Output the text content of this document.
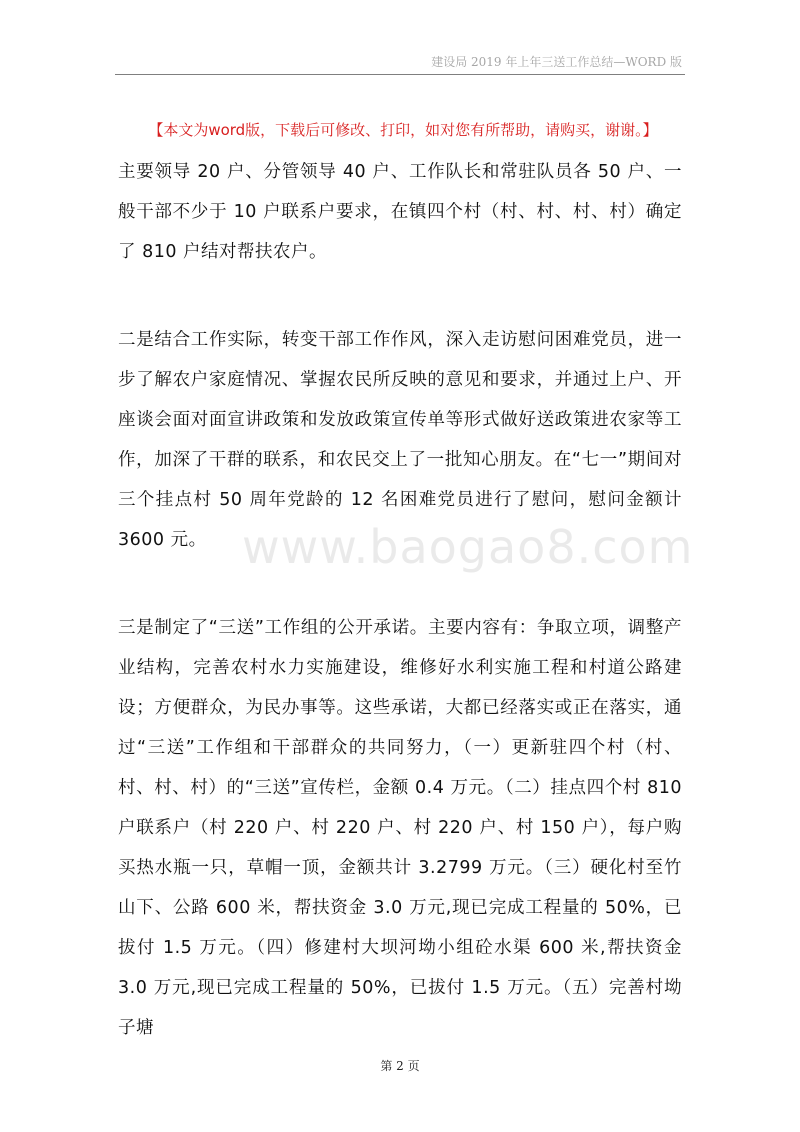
建设局 2019 年上年三送工作总结—WORD 版
【本文为word版，下载后可修改、打印，如对您有所帮助，请购买，谢谢。】

主要领导 20 户、分管领导 40 户、工作队长和常驻队员各 50 户、一般干部不少于 10 户联系户要求，在镇四个村（村、村、村、村）确定了 810 户结对帮扶农户。

二是结合工作实际，转变干部工作作风，深入走访慰问困难党员，进一步了解农户家庭情况、掌握农民所反映的意见和要求，并通过上户、开座谈会面对面宣讲政策和发放政策宣传单等形式做好送政策进农家等工作，加深了干群的联系，和农民交上了一批知心朋友。在“七一”期间对三个挂点村 50 周年党龄的 12 名困难党员进行了慰问，慰问金额计 3600 元。

三是制定了“三送”工作组的公开承诺。主要内容有：争取立项，调整产业结构，完善农村水力实施建设，维修好水利实施工程和村道公路建设；方便群众，为民办事等。这些承诺，大都已经落实或正在落实，通过“三送”工作组和干部群众的共同努力，（一）更新驻四个村（村、村、村、村）的“三送”宣传栏，金额 0.4 万元。（二）挂点四个村 810 户联系户（村 220 户、村 220 户、村 220 户、村 150 户），每户购买热水瓶一只，草帽一顶，金额共计 3.2799 万元。（三）硬化村至竹山下、公路 600 米，帮扶资金 3.0 万元,现已完成工程量的 50%，已拔付 1.5 万元。（四）修建村大坝河坳小组砼水渠 600 米,帮扶资金 3.0 万元,现已完成工程量的 50%，已拔付 1.5 万元。（五）完善村坳子塘

www.baogao8.com
第 2 页
